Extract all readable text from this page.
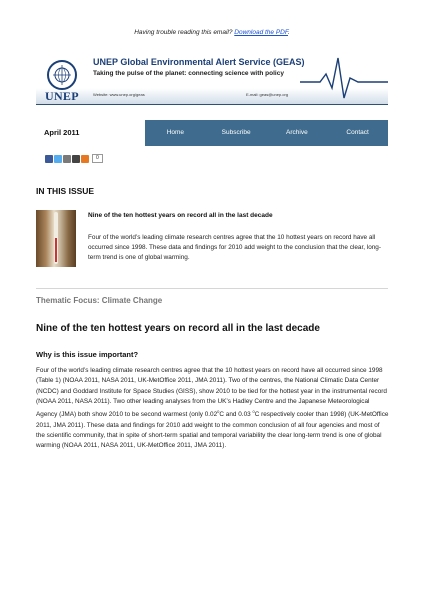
Having trouble reading this email? Download the PDF.
UNEP
UNEP Global Environmental Alert Service (GEAS)
Taking the pulse of the planet: connecting science with policy
Website: www.unep.org/geas	E-mail: geas@unep.org
April 2011	Home	Subscribe	Archive	Contact
0
IN THIS ISSUE
Nine of the ten hottest years on record all in the last decade
Four of the world’s leading climate research centres agree that the 10 hottest years on record have all occurred since 1998. These data and findings for 2010 add weight to the conclusion that the clear, long-term trend is one of global warming.
Thematic Focus: Climate Change
Nine of the ten hottest years on record all in the last decade
Why is this issue important?
Four of the world’s leading climate research centres agree that the 10 hottest years on record have all occurred since 1998 (Table 1) (NOAA 2011, NASA 2011, UK-MetOffice 2011, JMA 2011). Two of the centres, the National Climatic Data Center (NCDC) and Goddard Institute for Space Studies (GISS), show 2010 to be tied for the hottest year in the instrumental record (NOAA 2011, NASA 2011). Two other leading analyses from the UK’s Hadley Centre and the Japanese Meteorological Agency (JMA) both show 2010 to be second warmest (only 0.02$^0$C and 0.03 $^0$C respectively cooler than 1998) (UK-MetOffice 2011, JMA 2011). These data and findings for 2010 add weight to the common conclusion of all four agencies and most of the scientific community, that in spite of short-term spatial and temporal variability the clear long-term trend is one of global warming (NOAA 2011, NASA 2011, UK-MetOffice 2011, JMA 2011).
